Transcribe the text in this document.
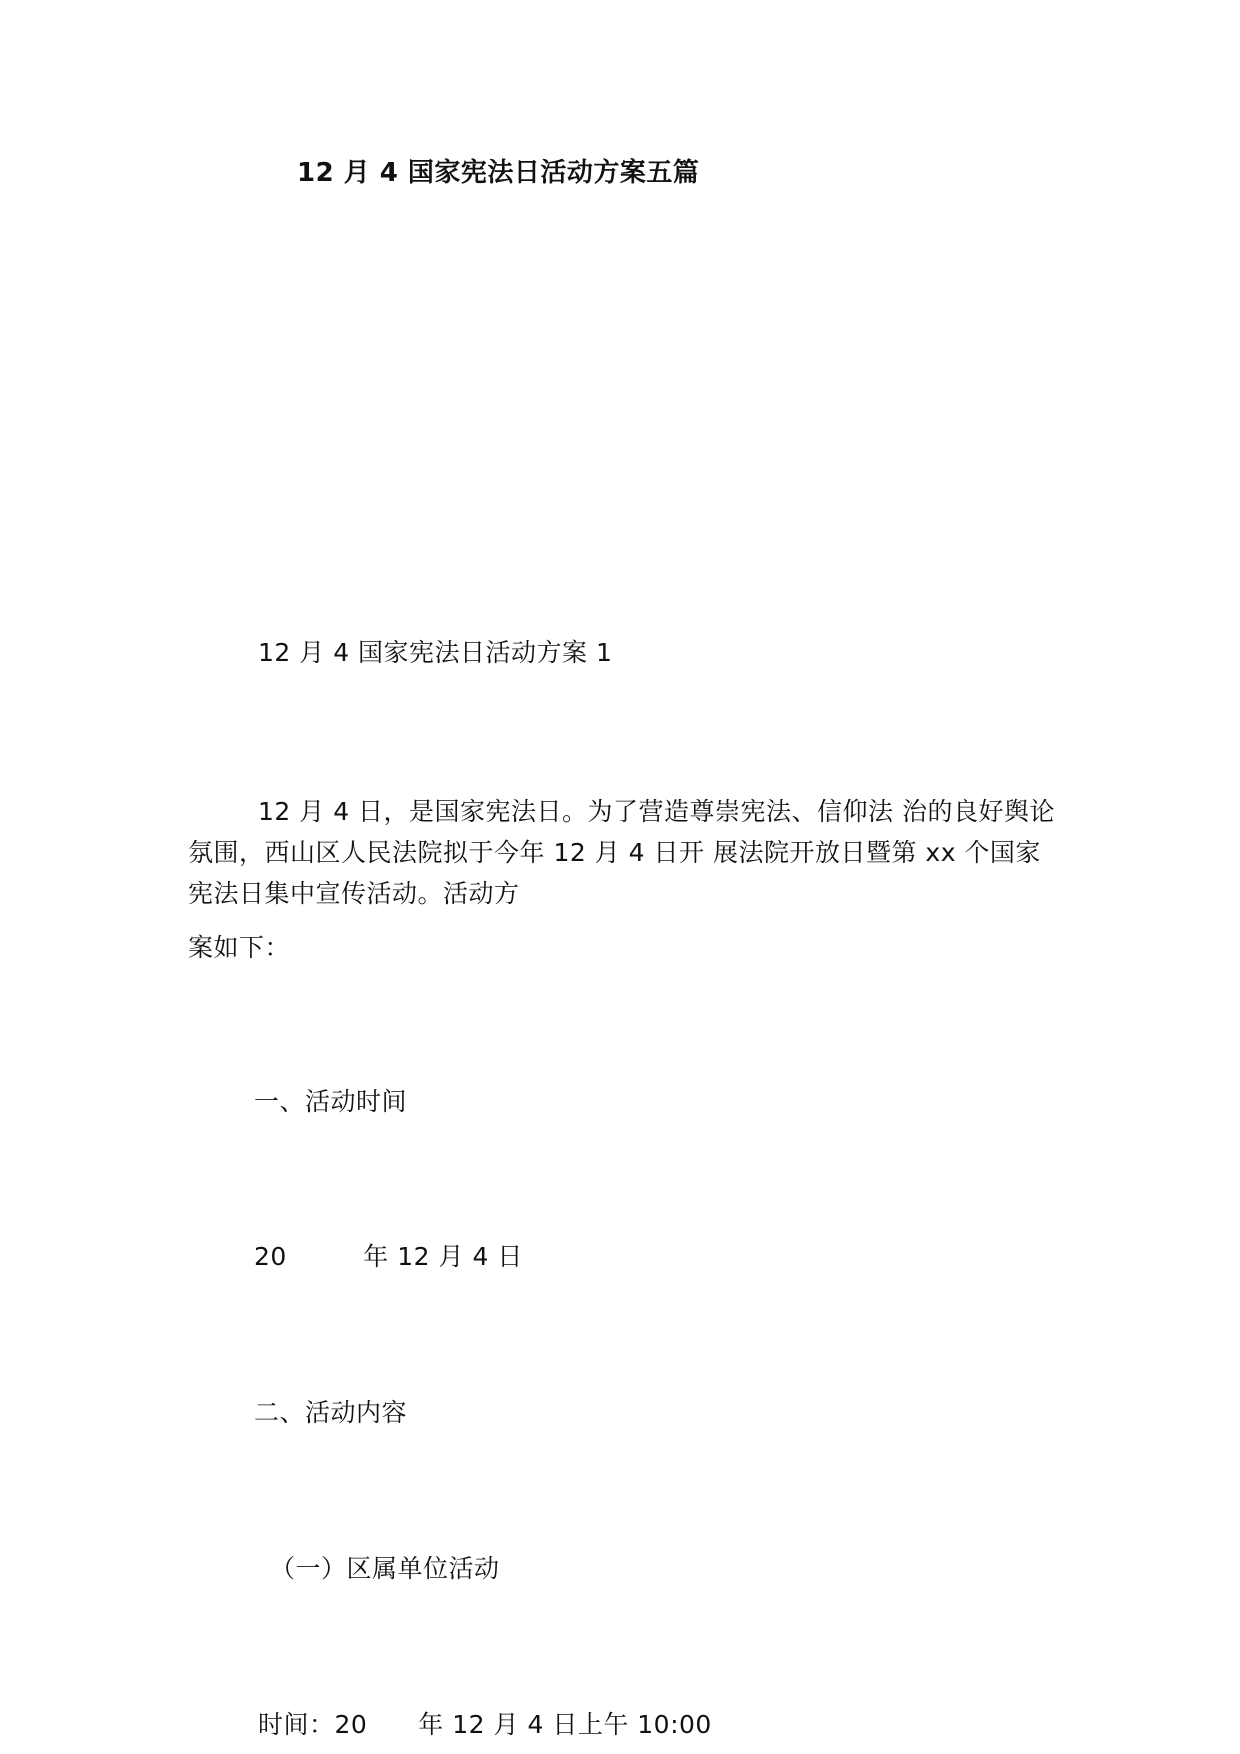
12 月 4 国家宪法日活动方案五篇
12 月 4 国家宪法日活动方案 1
12 月 4 日，是国家宪法日。为了营造尊崇宪法、信仰法 治的良好舆论氛围，西山区人民法院拟于今年 12 月 4 日开 展法院开放日暨第 xx 个国家宪法日集中宣传活动。活动方
案如下：
一、活动时间
20　　　年 12 月 4 日
二、活动内容
（一）区属单位活动
时间：20　　年 12 月 4 日上午 10:00
